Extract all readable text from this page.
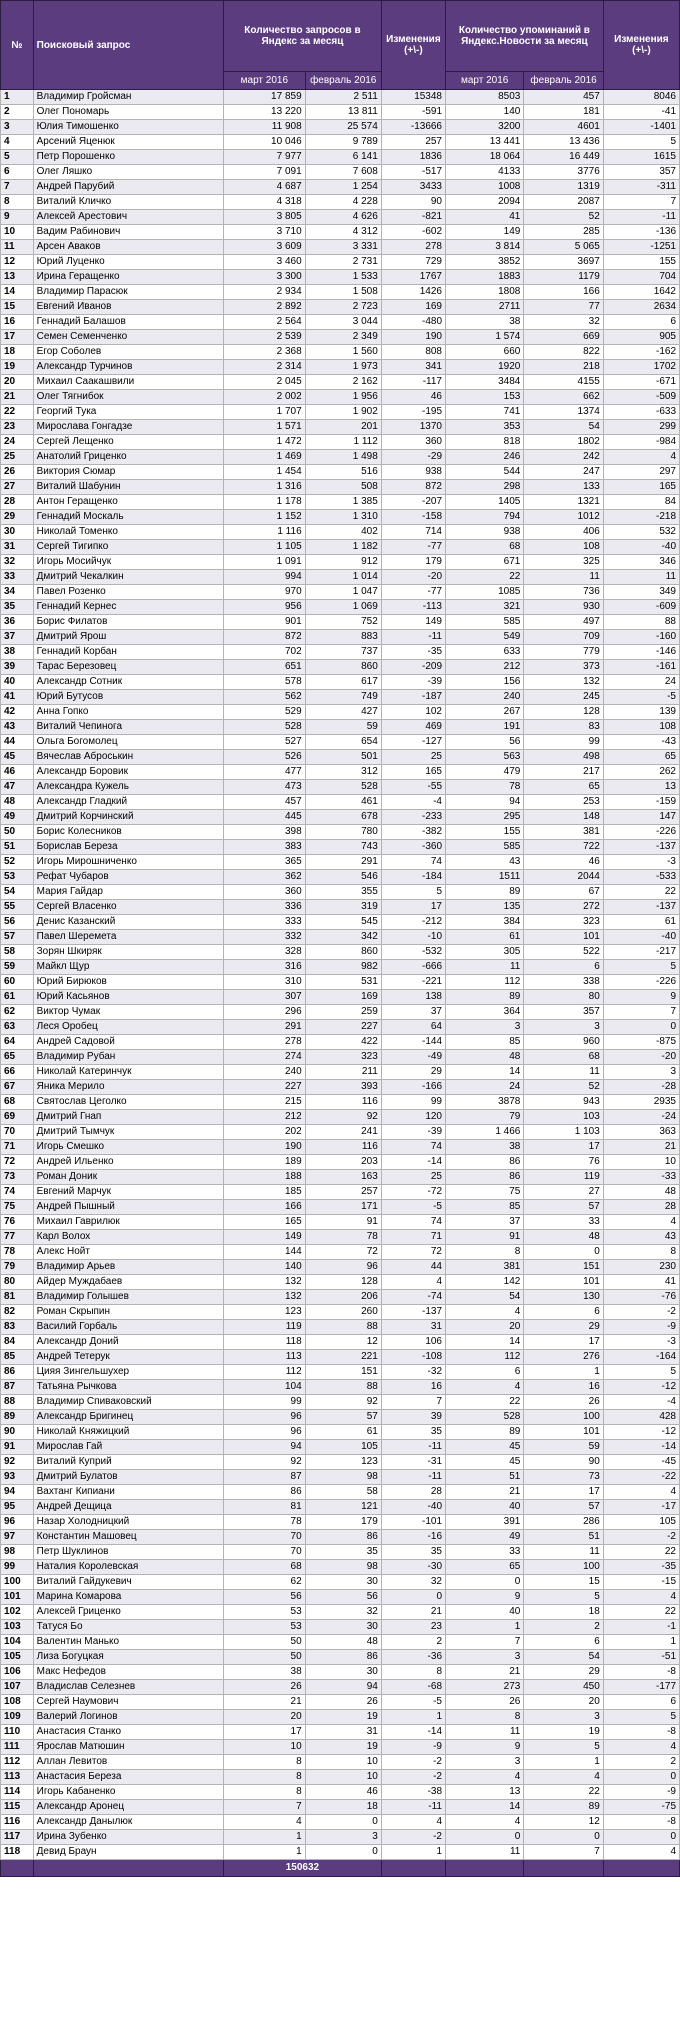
№	Поисковый запрос	Количество запросов в Яндекс за месяц		Изменения (+\-)	Количество упоминаний в Яндекс.Новости за месяц		Изменения (+\-)
		март 2016	февраль 2016		март 2016	февраль 2016	
1	Владимир Гройсман	17 859	2 511	15348	8503	457	8046
2	Олег Пономарь	13 220	13 811	-591	140	181	-41
3	Юлия Тимошенко	11 908	25 574	-13666	3200	4601	-1401
4	Арсений Яценюк	10 046	9 789	257	13 441	13 436	5
5	Петр Порошенко	7 977	6 141	1836	18 064	16 449	1615
6	Олег Ляшко	7 091	7 608	-517	4133	3776	357
7	Андрей Парубий	4 687	1 254	3433	1008	1319	-311
8	Виталий Кличко	4 318	4 228	90	2094	2087	7
9	Алексей Арестович	3 805	4 626	-821	41	52	-11
10	Вадим Рабинович	3 710	4 312	-602	149	285	-136
11	Арсен Аваков	3 609	3 331	278	3 814	5 065	-1251
12	Юрий Луценко	3 460	2 731	729	3852	3697	155
13	Ирина Геращенко	3 300	1 533	1767	1883	1179	704
14	Владимир Парасюк	2 934	1 508	1426	1808	166	1642
15	Евгений Иванов	2 892	2 723	169	2711	77	2634
16	Геннадий Балашов	2 564	3 044	-480	38	32	6
17	Семен Семенченко	2 539	2 349	190	1 574	669	905
18	Егор Соболев	2 368	1 560	808	660	822	-162
19	Александр Турчинов	2 314	1 973	341	1920	218	1702
20	Михаил Саакашвили	2 045	2 162	-117	3484	4155	-671
21	Олег Тягнибок	2 002	1 956	46	153	662	-509
22	Георгий Тука	1 707	1 902	-195	741	1374	-633
23	Мирослава Гонгадзе	1 571	201	1370	353	54	299
24	Сергей Лещенко	1 472	1 112	360	818	1802	-984
25	Анатолий Гриценко	1 469	1 498	-29	246	242	4
26	Виктория Сюмар	1 454	516	938	544	247	297
27	Виталий Шабунин	1 316	508	872	298	133	165
28	Антон Геращенко	1 178	1 385	-207	1405	1321	84
29	Геннадий Москаль	1 152	1 310	-158	794	1012	-218
30	Николай Томенко	1 116	402	714	938	406	532
31	Сергей Тигипко	1 105	1 182	-77	68	108	-40
32	Игорь Мосийчук	1 091	912	179	671	325	346
33	Дмитрий Чекалкин	994	1 014	-20	22	11	11
34	Павел Розенко	970	1 047	-77	1085	736	349
35	Геннадий Кернес	956	1 069	-113	321	930	-609
36	Борис Филатов	901	752	149	585	497	88
37	Дмитрий Ярош	872	883	-11	549	709	-160
38	Геннадий Корбан	702	737	-35	633	779	-146
39	Тарас Березовец	651	860	-209	212	373	-161
40	Александр Сотник	578	617	-39	156	132	24
41	Юрий Бутусов	562	749	-187	240	245	-5
42	Анна Гопко	529	427	102	267	128	139
43	Виталий Чепинога	528	59	469	191	83	108
44	Ольга Богомолец	527	654	-127	56	99	-43
45	Вячеслав Аброськин	526	501	25	563	498	65
46	Александр Боровик	477	312	165	479	217	262
47	Александра Кужель	473	528	-55	78	65	13
48	Александр Гладкий	457	461	-4	94	253	-159
49	Дмитрий Корчинский	445	678	-233	295	148	147
50	Борис Колесников	398	780	-382	155	381	-226
51	Борислав Береза	383	743	-360	585	722	-137
52	Игорь Мирошниченко	365	291	74	43	46	-3
53	Рефат Чубаров	362	546	-184	1511	2044	-533
54	Мария Гайдар	360	355	5	89	67	22
55	Сергей Власенко	336	319	17	135	272	-137
56	Денис Казанский	333	545	-212	384	323	61
57	Павел Шеремета	332	342	-10	61	101	-40
58	Зорян Шкиряк	328	860	-532	305	522	-217
59	Майкл Щур	316	982	-666	11	6	5
60	Юрий Бирюков	310	531	-221	112	338	-226
61	Юрий Касьянов	307	169	138	89	80	9
62	Виктор Чумак	296	259	37	364	357	7
63	Леся Оробец	291	227	64	3	3	0
64	Андрей Садовой	278	422	-144	85	960	-875
65	Владимир Рубан	274	323	-49	48	68	-20
66	Николай Катеринчук	240	211	29	14	11	3
67	Яника Мерило	227	393	-166	24	52	-28
68	Святослав Цеголко	215	116	99	3878	943	2935
69	Дмитрий Гнап	212	92	120	79	103	-24
70	Дмитрий Тымчук	202	241	-39	1 466	1 103	363
71	Игорь Смешко	190	116	74	38	17	21
72	Андрей Ильенко	189	203	-14	86	76	10
73	Роман Доник	188	163	25	86	119	-33
74	Евгений Марчук	185	257	-72	75	27	48
75	Андрей Пышный	166	171	-5	85	57	28
76	Михаил Гаврилюк	165	91	74	37	33	4
77	Карл Волох	149	78	71	91	48	43
78	Алекс Нойт	144	72	72	8	0	8
79	Владимир Арьев	140	96	44	381	151	230
80	Айдер Муждабаев	132	128	4	142	101	41
81	Владимир Голышев	132	206	-74	54	130	-76
82	Роман Скрыпин	123	260	-137	4	6	-2
83	Василий Горбаль	119	88	31	20	29	-9
84	Александр Доний	118	12	106	14	17	-3
85	Андрей Тетерук	113	221	-108	112	276	-164
86	Цияя Зингельшухер	112	151	-32	6	1	5
87	Татьяна Рычкова	104	88	16	4	16	-12
88	Владимир Спиваковский	99	92	7	22	26	-4
89	Александр Бригинец	96	57	39	528	100	428
90	Николай Княжицкий	96	61	35	89	101	-12
91	Мирослав Гай	94	105	-11	45	59	-14
92	Виталий Куприй	92	123	-31	45	90	-45
93	Дмитрий Булатов	87	98	-11	51	73	-22
94	Вахтанг Кипиани	86	58	28	21	17	4
95	Андрей Дещица	81	121	-40	40	57	-17
96	Назар Холодницкий	78	179	-101	391	286	105
97	Константин Машовец	70	86	-16	49	51	-2
98	Петр Шуклинов	70	35	35	33	11	22
99	Наталия Королевская	68	98	-30	65	100	-35
100	Виталий Гайдукевич	62	30	32	0	15	-15
101	Марина Комарова	56	56	0	9	5	4
102	Алексей Гриценко	53	32	21	40	18	22
103	Татуся Бо	53	30	23	1	2	-1
104	Валентин Манько	50	48	2	7	6	1
105	Лиза Богуцкая	50	86	-36	3	54	-51
106	Макс Нефедов	38	30	8	21	29	-8
107	Владислав Селезнев	26	94	-68	273	450	-177
108	Сергей Наумович	21	26	-5	26	20	6
109	Валерий Логинов	20	19	1	8	3	5
110	Анастасия Станко	17	31	-14	11	19	-8
111	Ярослав Матюшин	10	19	-9	9	5	4
112	Аллан Левитов	8	10	-2	3	1	2
113	Анастасия Береза	8	10	-2	4	4	0
114	Игорь Кабаненко	8	46	-38	13	22	-9
115	Александр Аронец	7	18	-11	14	89	-75
116	Александр Данылюк	4	0	4	4	12	-8
117	Ирина Зубенко	1	3	-2	0	0	0
118	Девид Браун	1	0	1	11	7	4
		150632					
